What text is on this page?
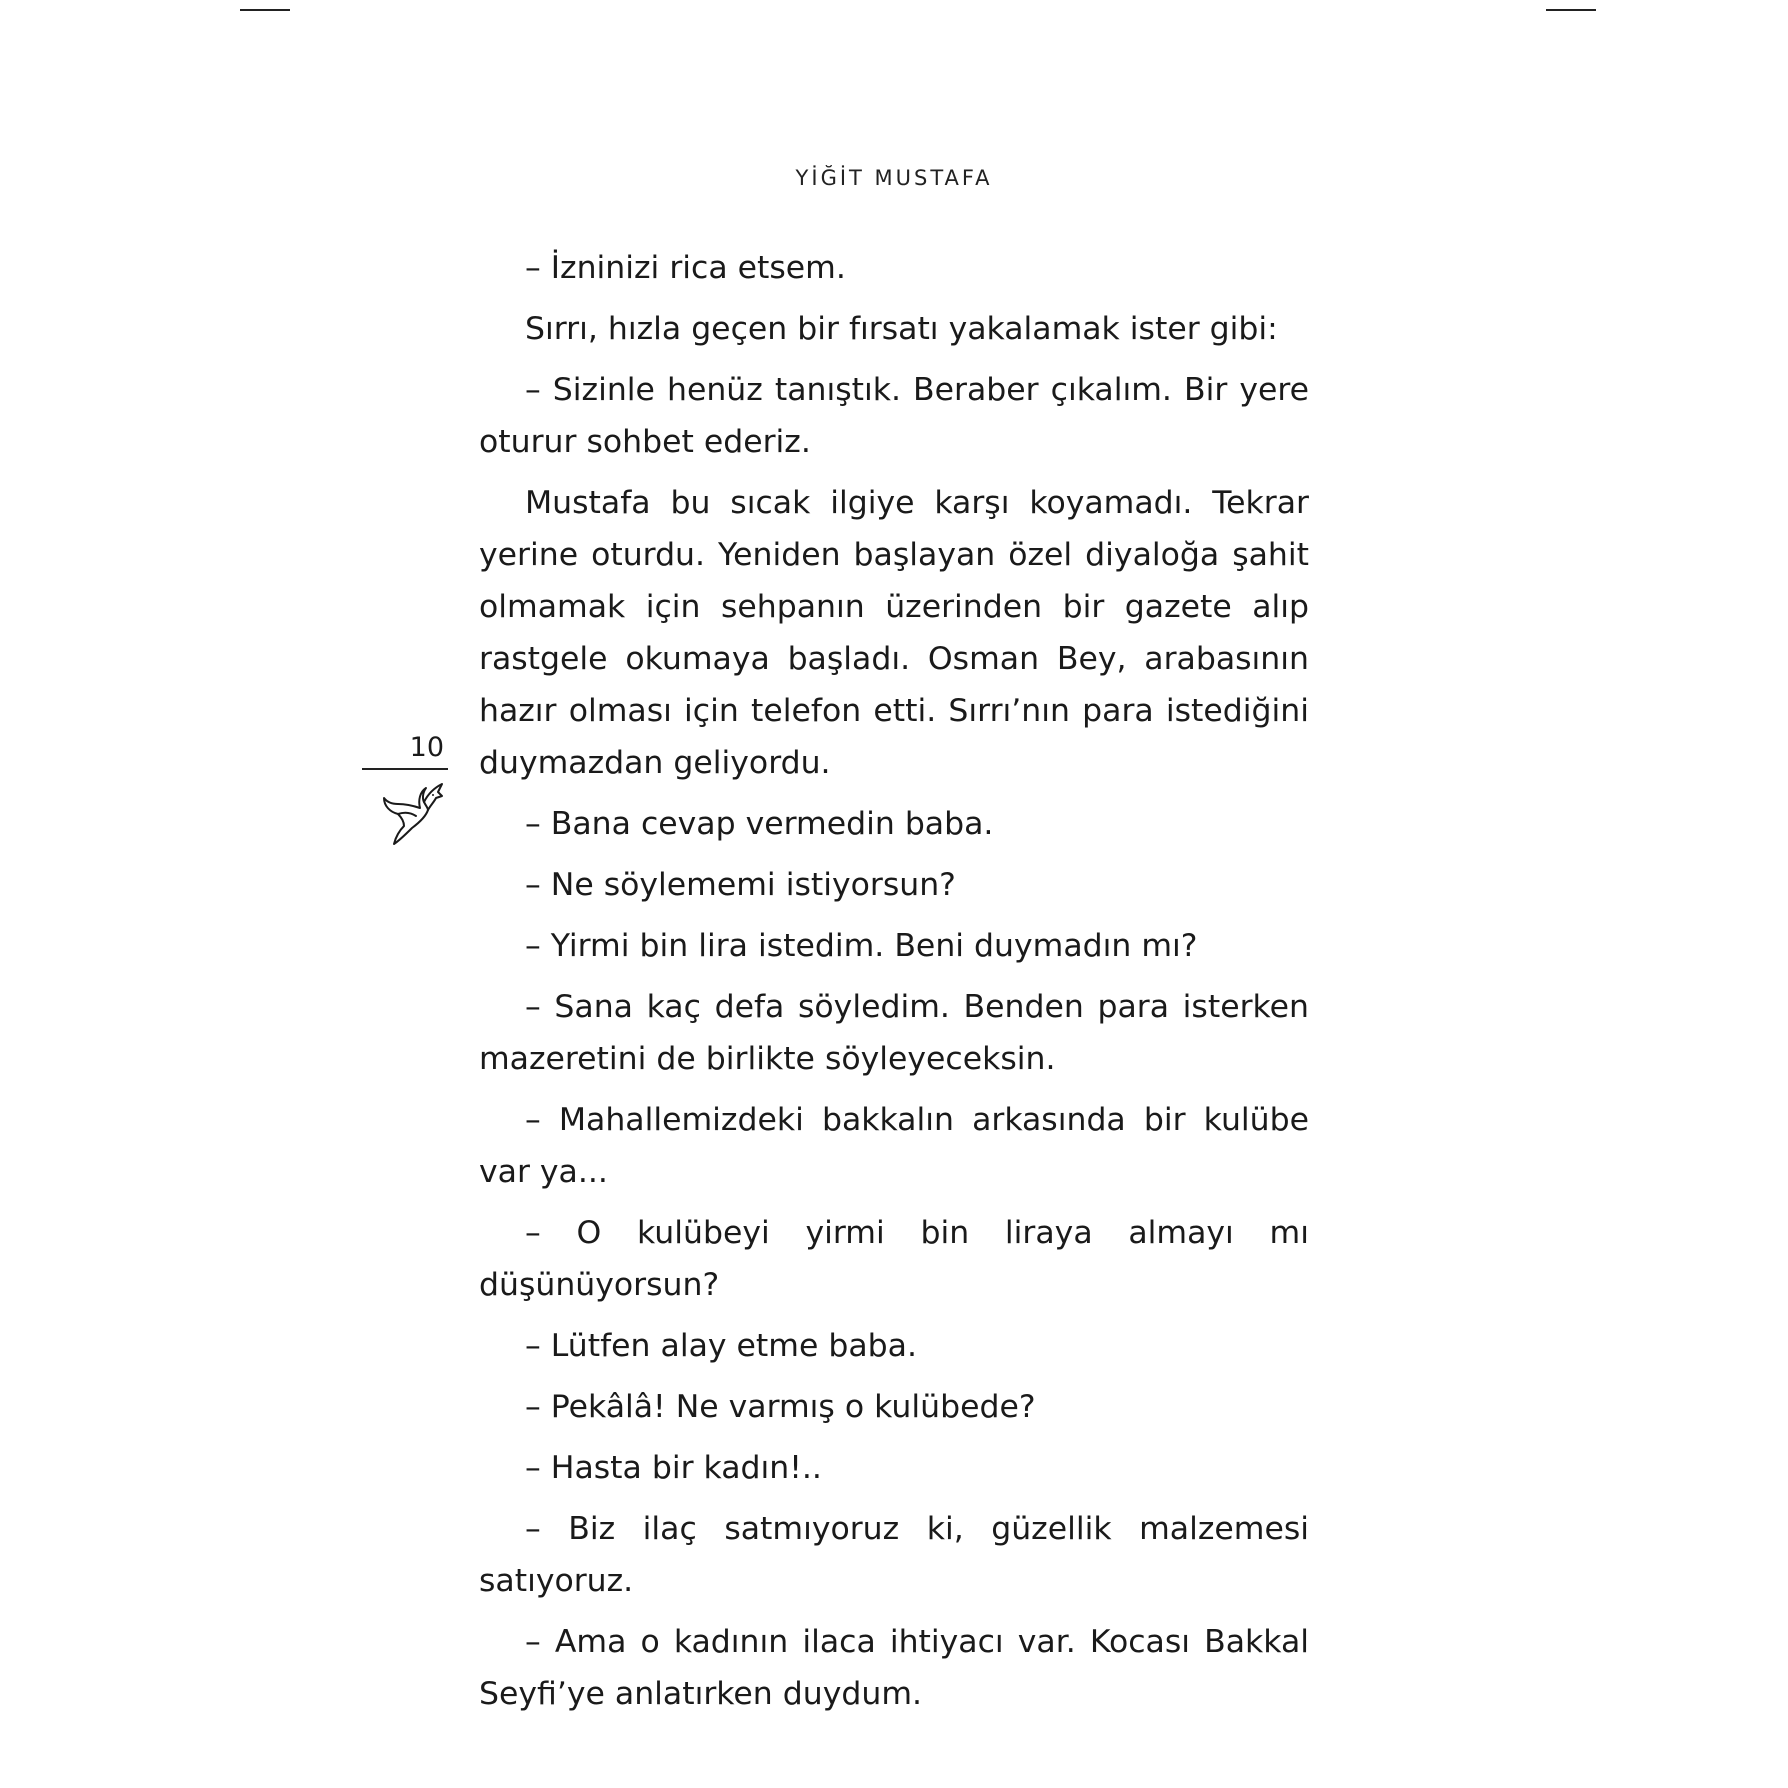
YİĞİT MUSTAFA

– İzninizi rica etsem.

Sırrı, hızla geçen bir fırsatı yakalamak ister gibi:

– Sizinle henüz tanıştık. Beraber çıkalım. Bir yere oturur sohbet ederiz.

Mustafa bu sıcak ilgiye karşı koyamadı. Tekrar yerine oturdu. Yeniden başlayan özel diyaloğa şahit olmamak için sehpanın üzerinden bir gazete alıp rastgele okumaya başladı. Osman Bey, arabasının hazır olması için telefon etti. Sırrı’nın para istediğini duymazdan geliyordu.

– Bana cevap vermedin baba.

– Ne söylememi istiyorsun?

– Yirmi bin lira istedim. Beni duymadın mı?

– Sana kaç defa söyledim. Benden para isterken mazeretini de birlikte söyleyeceksin.

– Mahallemizdeki bakkalın arkasında bir kulübe var ya...

– O kulübeyi yirmi bin liraya almayı mı düşünüyorsun?

– Lütfen alay etme baba.

– Pekâlâ! Ne varmış o kulübede?

– Hasta bir kadın!..

– Biz ilaç satmıyoruz ki, güzellik malzemesi satıyoruz.

– Ama o kadının ilaca ihtiyacı var. Kocası Bakkal Seyfi’ye anlatırken duydum.

10
